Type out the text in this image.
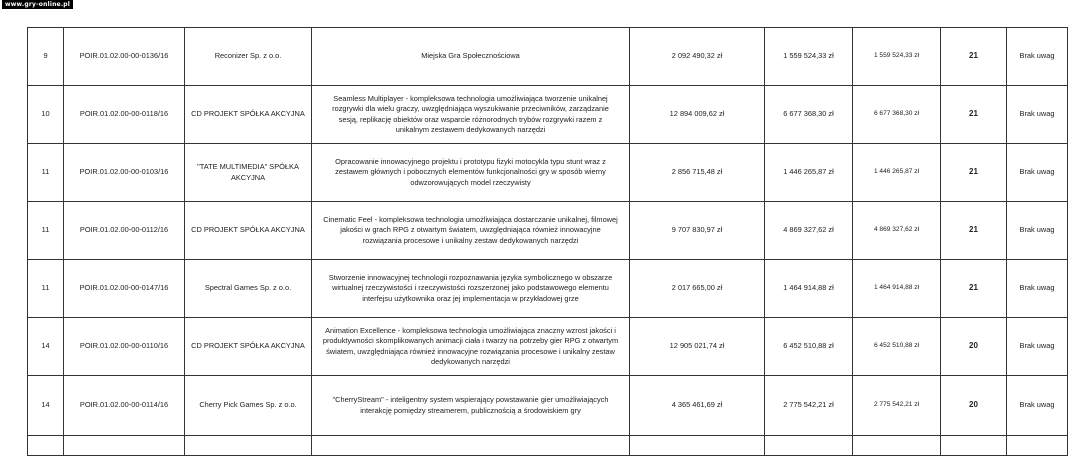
www.gry-online.pl
9	POIR.01.02.00-00-0136/16	Reconizer Sp. z o.o.	Miejska Gra Społecznościowa	2 092 490,32 zł	1 559 524,33 zł	1 559 524,33 zł	21	Brak uwag
10	POIR.01.02.00-00-0118/16	CD PROJEKT SPÓŁKA AKCYJNA	Seamless Multiplayer - kompleksowa technologia umożliwiająca tworzenie unikalnej rozgrywki dla wielu graczy, uwzględniająca wyszukiwanie przeciwników, zarządzanie sesją, replikację obiektów oraz wsparcie różnorodnych trybów rozgrywki razem z unikalnym zestawem dedykowanych narzędzi	12 894 009,62 zł	6 677 368,30 zł	6 677 368,30 zł	21	Brak uwag
11	POIR.01.02.00-00-0103/16	"TATE MULTIMEDIA" SPÓŁKA AKCYJNA	Opracowanie innowacyjnego projektu i prototypu fizyki motocykla typu stunt wraz z zestawem głównych i pobocznych elementów funkcjonalności gry w sposób wierny odwzorowujących model rzeczywisty	2 856 715,48 zł	1 446 265,87 zł	1 446 265,87 zł	21	Brak uwag
11	POIR.01.02.00-00-0112/16	CD PROJEKT SPÓŁKA AKCYJNA	Cinematic Feel - kompleksowa technologia umożliwiająca dostarczanie unikalnej, filmowej jakości w grach RPG z otwartym światem, uwzględniająca również innowacyjne rozwiązania procesowe i unikalny zestaw dedykowanych narzędzi	9 707 830,97 zł	4 869 327,62 zł	4 869 327,62 zł	21	Brak uwag
11	POIR.01.02.00-00-0147/16	Spectral Games Sp. z o.o.	Stworzenie innowacyjnej technologii rozpoznawania języka symbolicznego w obszarze wirtualnej rzeczywistości i rzeczywistości rozszerzonej jako podstawowego elementu interfejsu użytkownika oraz jej implementacja w przykładowej grze	2 017 665,00 zł	1 464 914,88 zł	1 464 914,88 zł	21	Brak uwag
14	POIR.01.02.00-00-0110/16	CD PROJEKT SPÓŁKA AKCYJNA	Animation Excellence - kompleksowa technologia umożliwiająca znaczny wzrost jakości i produktywności skomplikowanych animacji ciała i twarzy na potrzeby gier RPG z otwartym światem, uwzględniająca również innowacyjne rozwiązania procesowe i unikalny zestaw dedykowanych narzędzi	12 905 021,74 zł	6 452 510,88 zł	6 452 510,88 zł	20	Brak uwag
14	POIR.01.02.00-00-0114/16	Cherry Pick Games Sp. z o.o.	"CherryStream" - inteligentny system wspierający powstawanie gier umożliwiających interakcję pomiędzy streamerem, publicznością a środowiskiem gry	4 365 461,69 zł	2 775 542,21 zł	2 775 542,21 zł	20	Brak uwag
